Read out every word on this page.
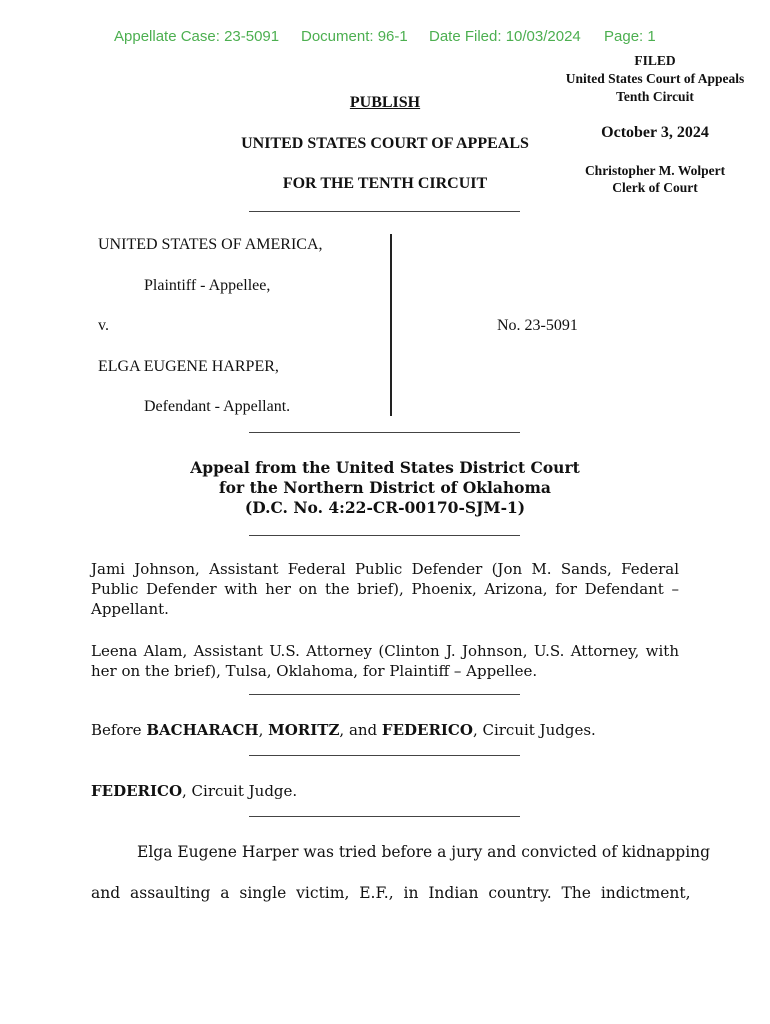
Appellate Case: 23-5091 Document: 96-1 Date Filed: 10/03/2024 Page: 1
FILED
United States Court of Appeals
Tenth Circuit
October 3, 2024
Christopher M. Wolpert
Clerk of Court
PUBLISH
UNITED STATES COURT OF APPEALS
FOR THE TENTH CIRCUIT
UNITED STATES OF AMERICA,
Plaintiff - Appellee,
v.
ELGA EUGENE HARPER,
Defendant - Appellant.
No. 23-5091
Appeal from the United States District Court
for the Northern District of Oklahoma
(D.C. No. 4:22-CR-00170-SJM-1)
Jami Johnson, Assistant Federal Public Defender (Jon M. Sands, Federal Public Defender with her on the brief), Phoenix, Arizona, for Defendant – Appellant.
Leena Alam, Assistant U.S. Attorney (Clinton J. Johnson, U.S. Attorney, with her on the brief), Tulsa, Oklahoma, for Plaintiff – Appellee.
Before BACHARACH, MORITZ, and FEDERICO, Circuit Judges.
FEDERICO, Circuit Judge.
Elga Eugene Harper was tried before a jury and convicted of kidnapping
and  assaulting  a  single  victim,  E.F.,  in  Indian  country.  The  indictment,
